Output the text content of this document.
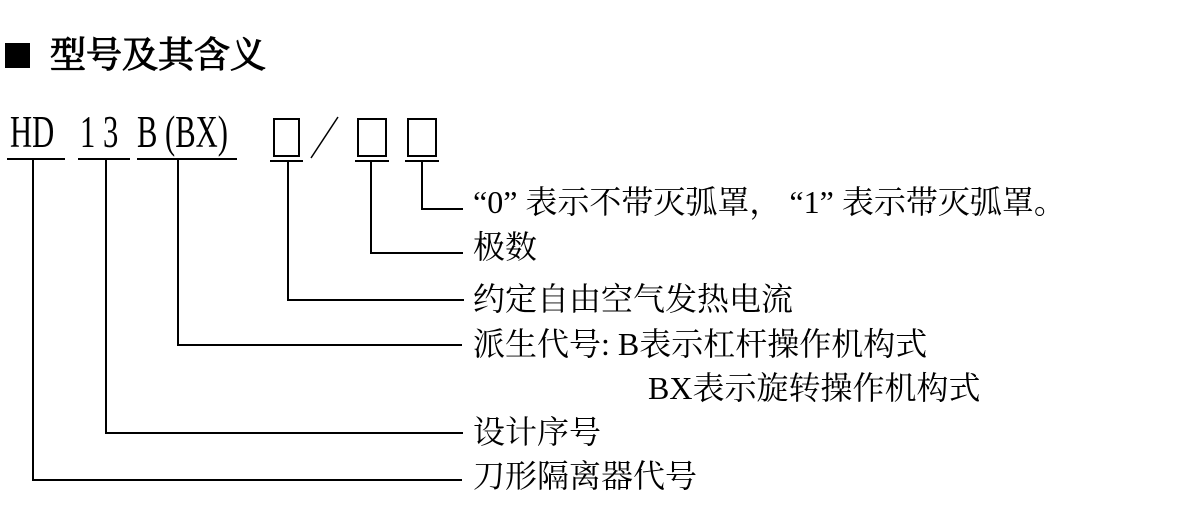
型号及其含义
HD 1 3 B (BX)
“0” 表示不带灭弧罩， “1” 表示带灭弧罩。
极数
约定自由空气发热电流
派生代号: B表示杠杆操作机构式
BX表示旋转操作机构式
设计序号
刀形隔离器代号
